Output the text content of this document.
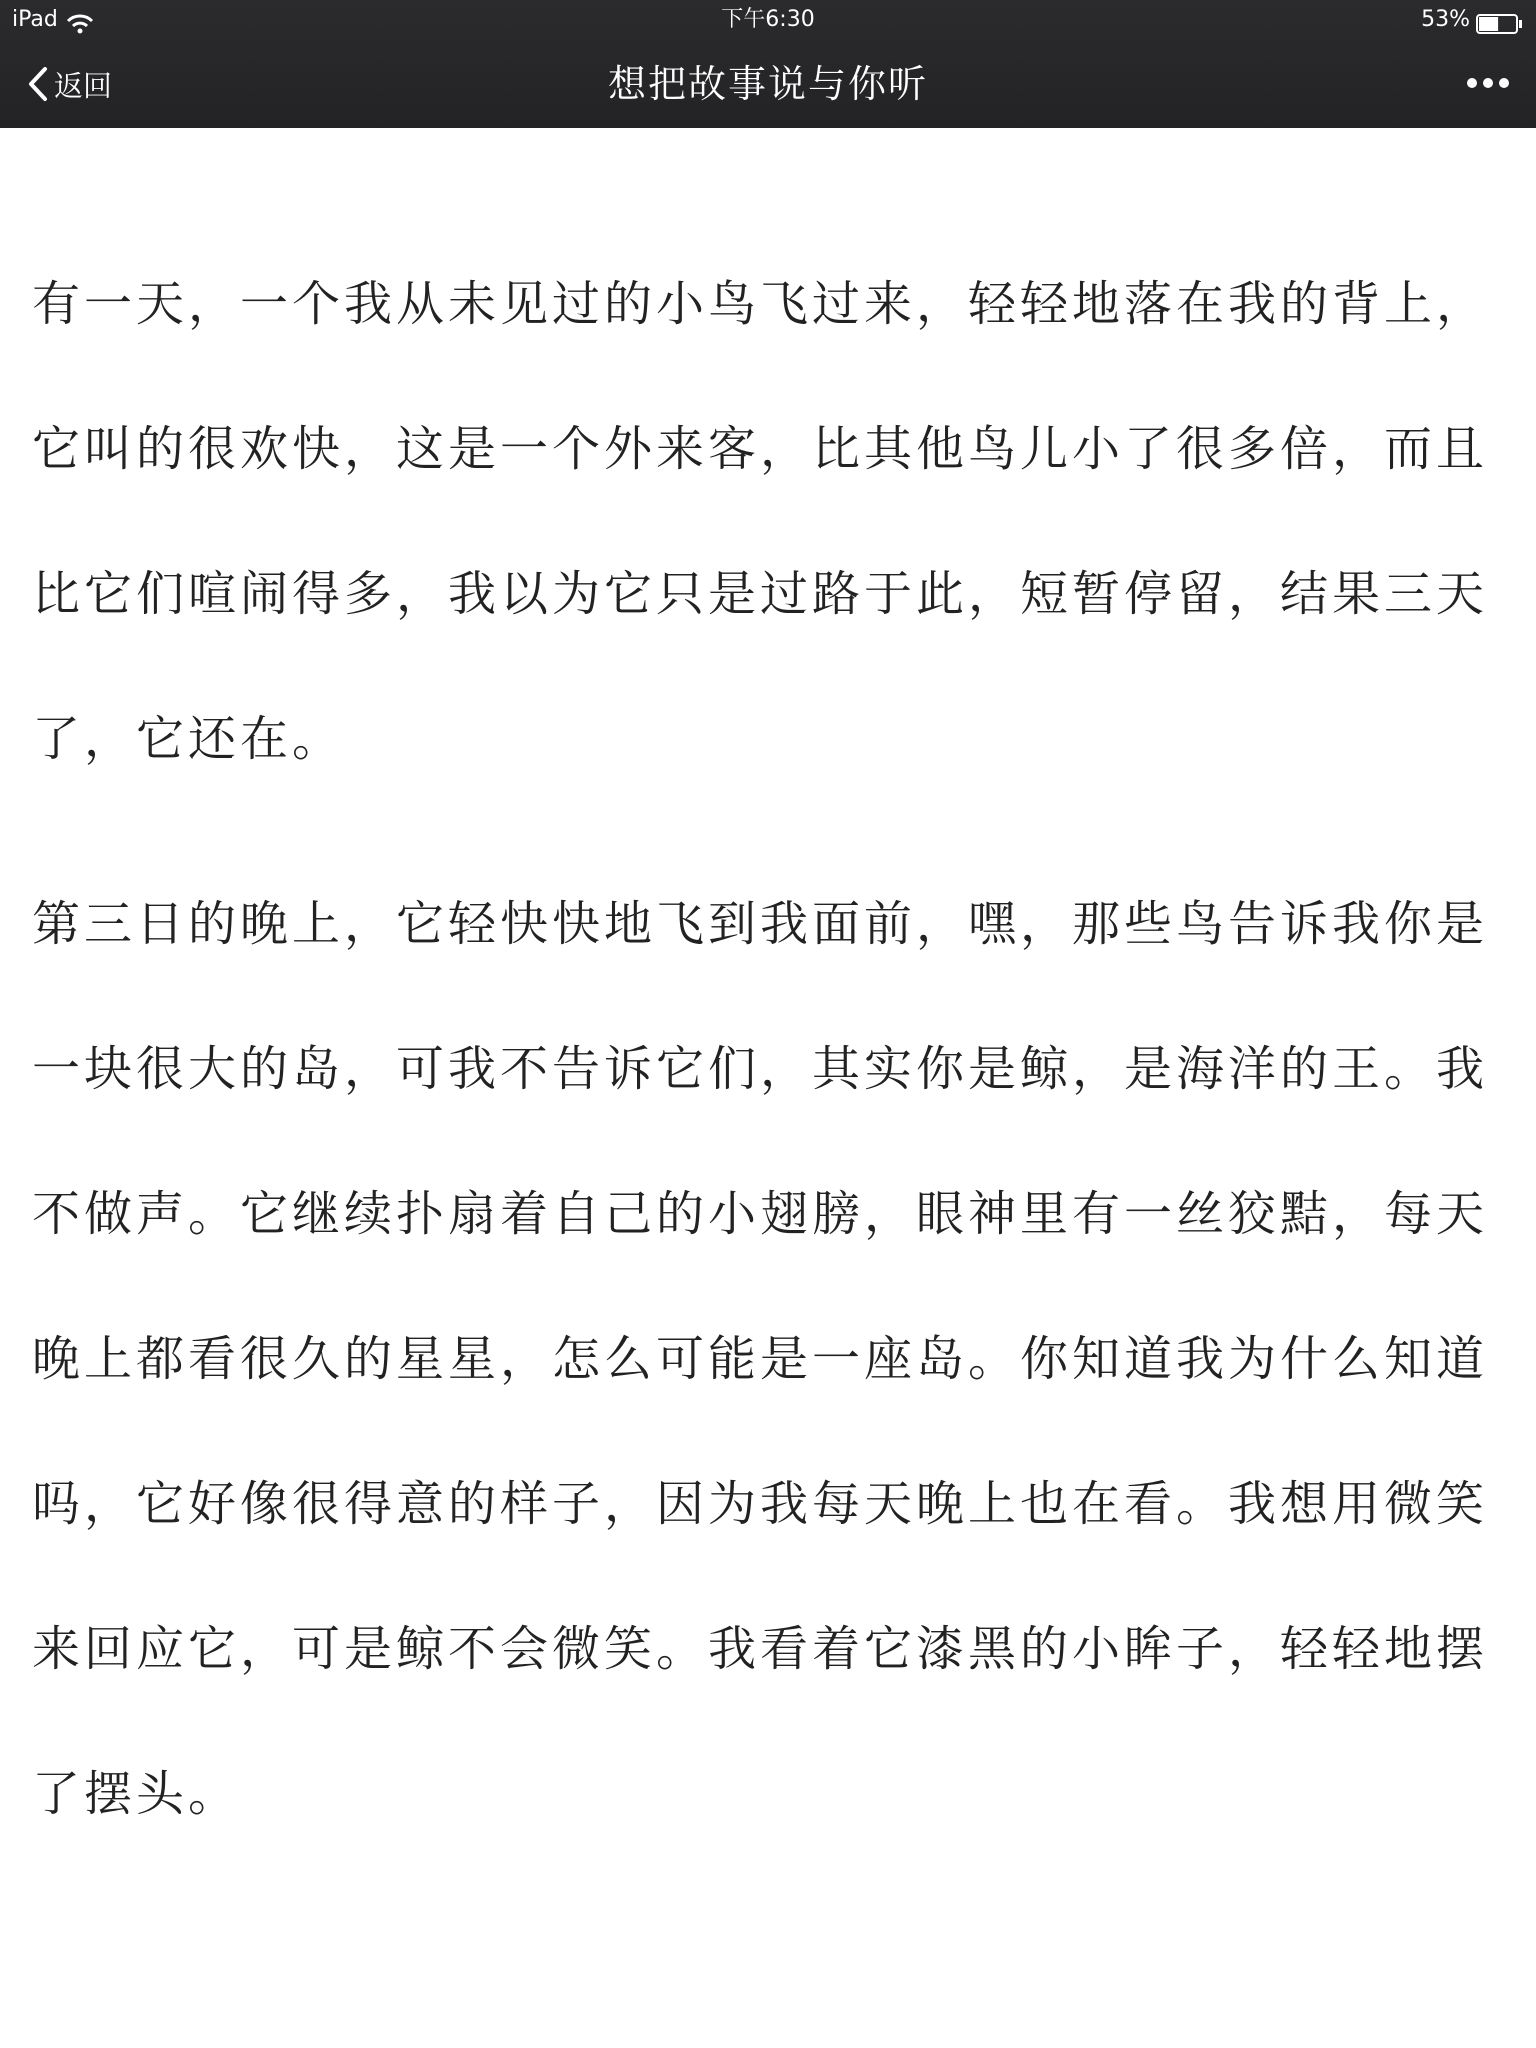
iPad	下午6:30	53%
返回	想把故事说与你听

有一天，一个我从未见过的小鸟飞过来，轻轻地落在我的背上，
它叫的很欢快，这是一个外来客，比其他鸟儿小了很多倍，而且
比它们喧闹得多，我以为它只是过路于此，短暂停留，结果三天
了，它还在。

第三日的晚上，它轻快快地飞到我面前，嘿，那些鸟告诉我你是
一块很大的岛，可我不告诉它们，其实你是鲸，是海洋的王。我
不做声。它继续扑扇着自己的小翅膀，眼神里有一丝狡黠，每天
晚上都看很久的星星，怎么可能是一座岛。你知道我为什么知道
吗，它好像很得意的样子，因为我每天晚上也在看。我想用微笑
来回应它，可是鲸不会微笑。我看着它漆黑的小眸子，轻轻地摆
了摆头。
